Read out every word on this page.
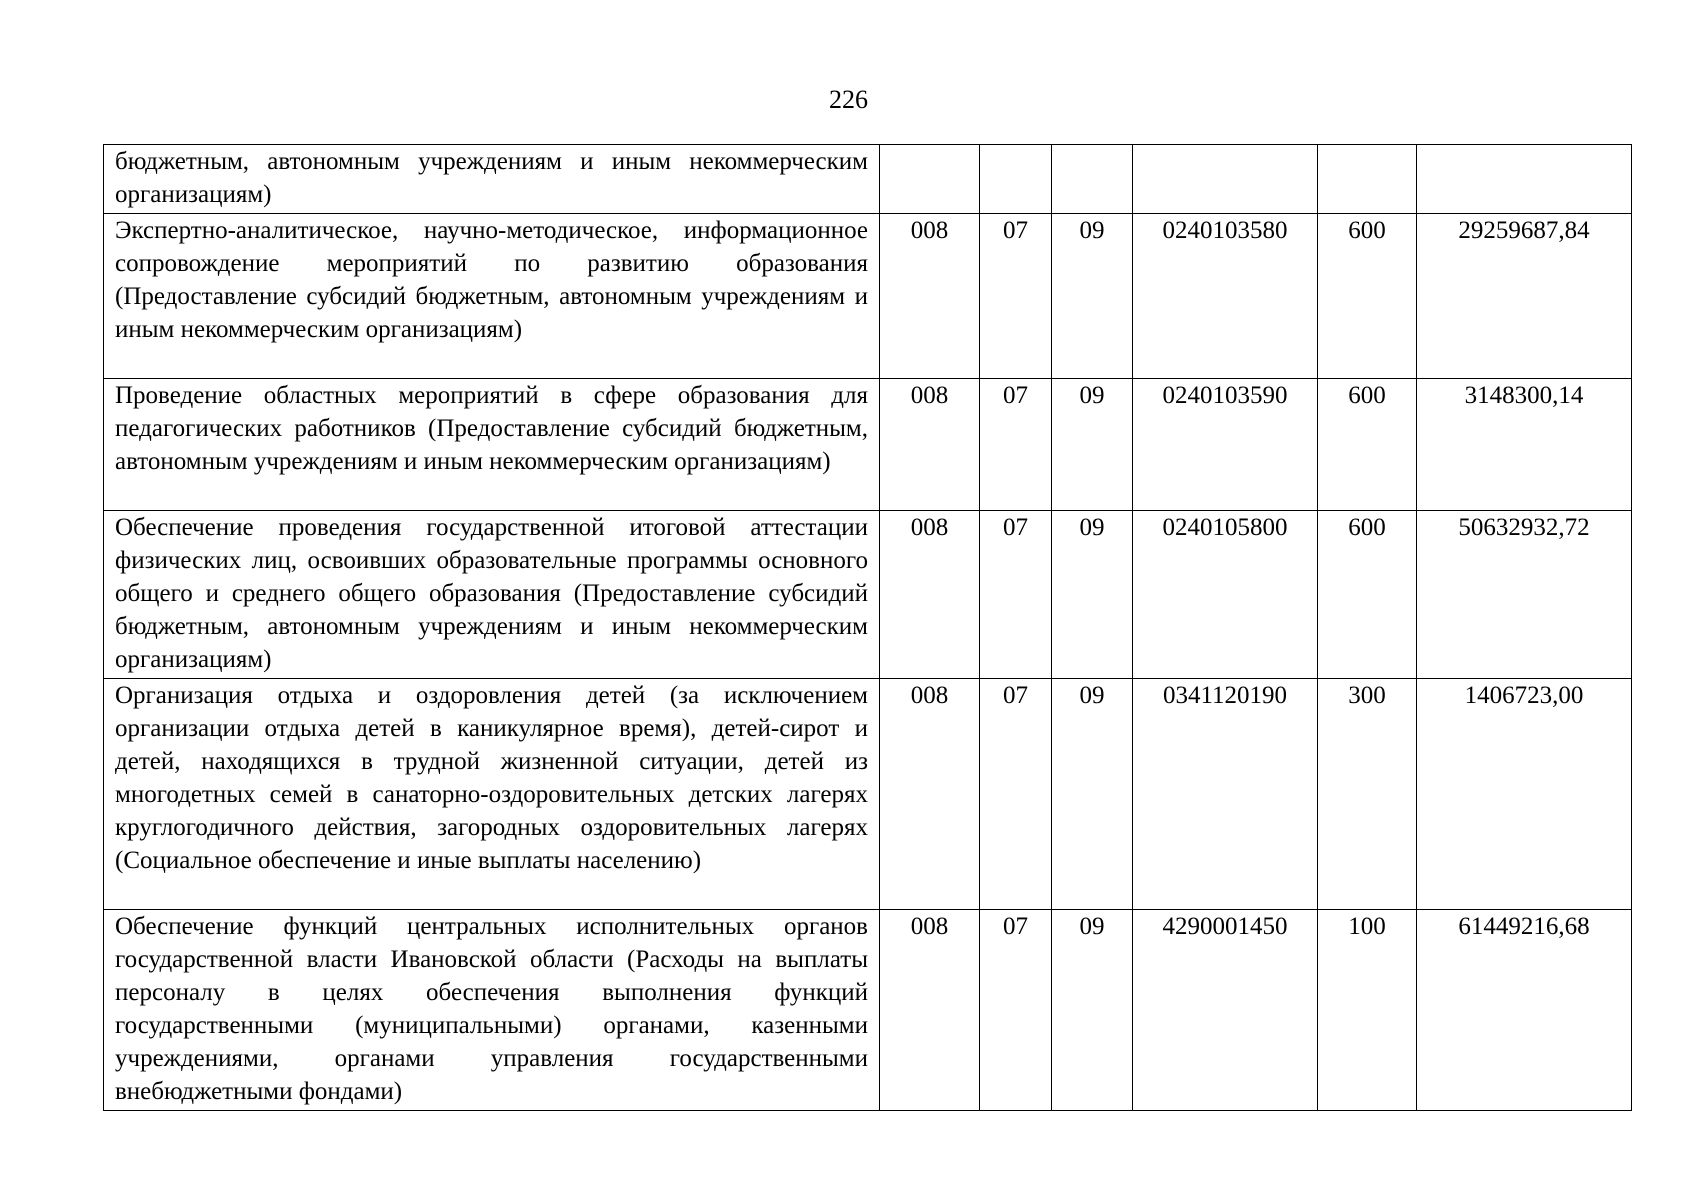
226
бюджетным, автономным учреждениям и иным некоммерческим организациям)						
Экспертно-аналитическое, научно-методическое, информационное сопровождение мероприятий по развитию образования (Предоставление субсидий бюджетным, автономным учреждениям и иным некоммерческим организациям)	008	07	09	0240103580	600	29259687,84
Проведение областных мероприятий в сфере образования для педагогических работников (Предоставление субсидий бюджетным, автономным учреждениям и иным некоммерческим организациям)	008	07	09	0240103590	600	3148300,14
Обеспечение проведения государственной итоговой аттестации физических лиц, освоивших образовательные программы основного общего и среднего общего образования (Предоставление субсидий бюджетным, автономным учреждениям и иным некоммерческим организациям)	008	07	09	0240105800	600	50632932,72
Организация отдыха и оздоровления детей (за исключением организации отдыха детей в каникулярное время), детей-сирот и детей, находящихся в трудной жизненной ситуации, детей из многодетных семей в санаторно-оздоровительных детских лагерях круглогодичного действия, загородных оздоровительных лагерях (Социальное обеспечение и иные выплаты населению)	008	07	09	0341120190	300	1406723,00
Обеспечение функций центральных исполнительных органов государственной власти Ивановской области (Расходы на выплаты персоналу в целях обеспечения выполнения функций государственными (муниципальными) органами, казенными учреждениями, органами управления государственными внебюджетными фондами)	008	07	09	4290001450	100	61449216,68
